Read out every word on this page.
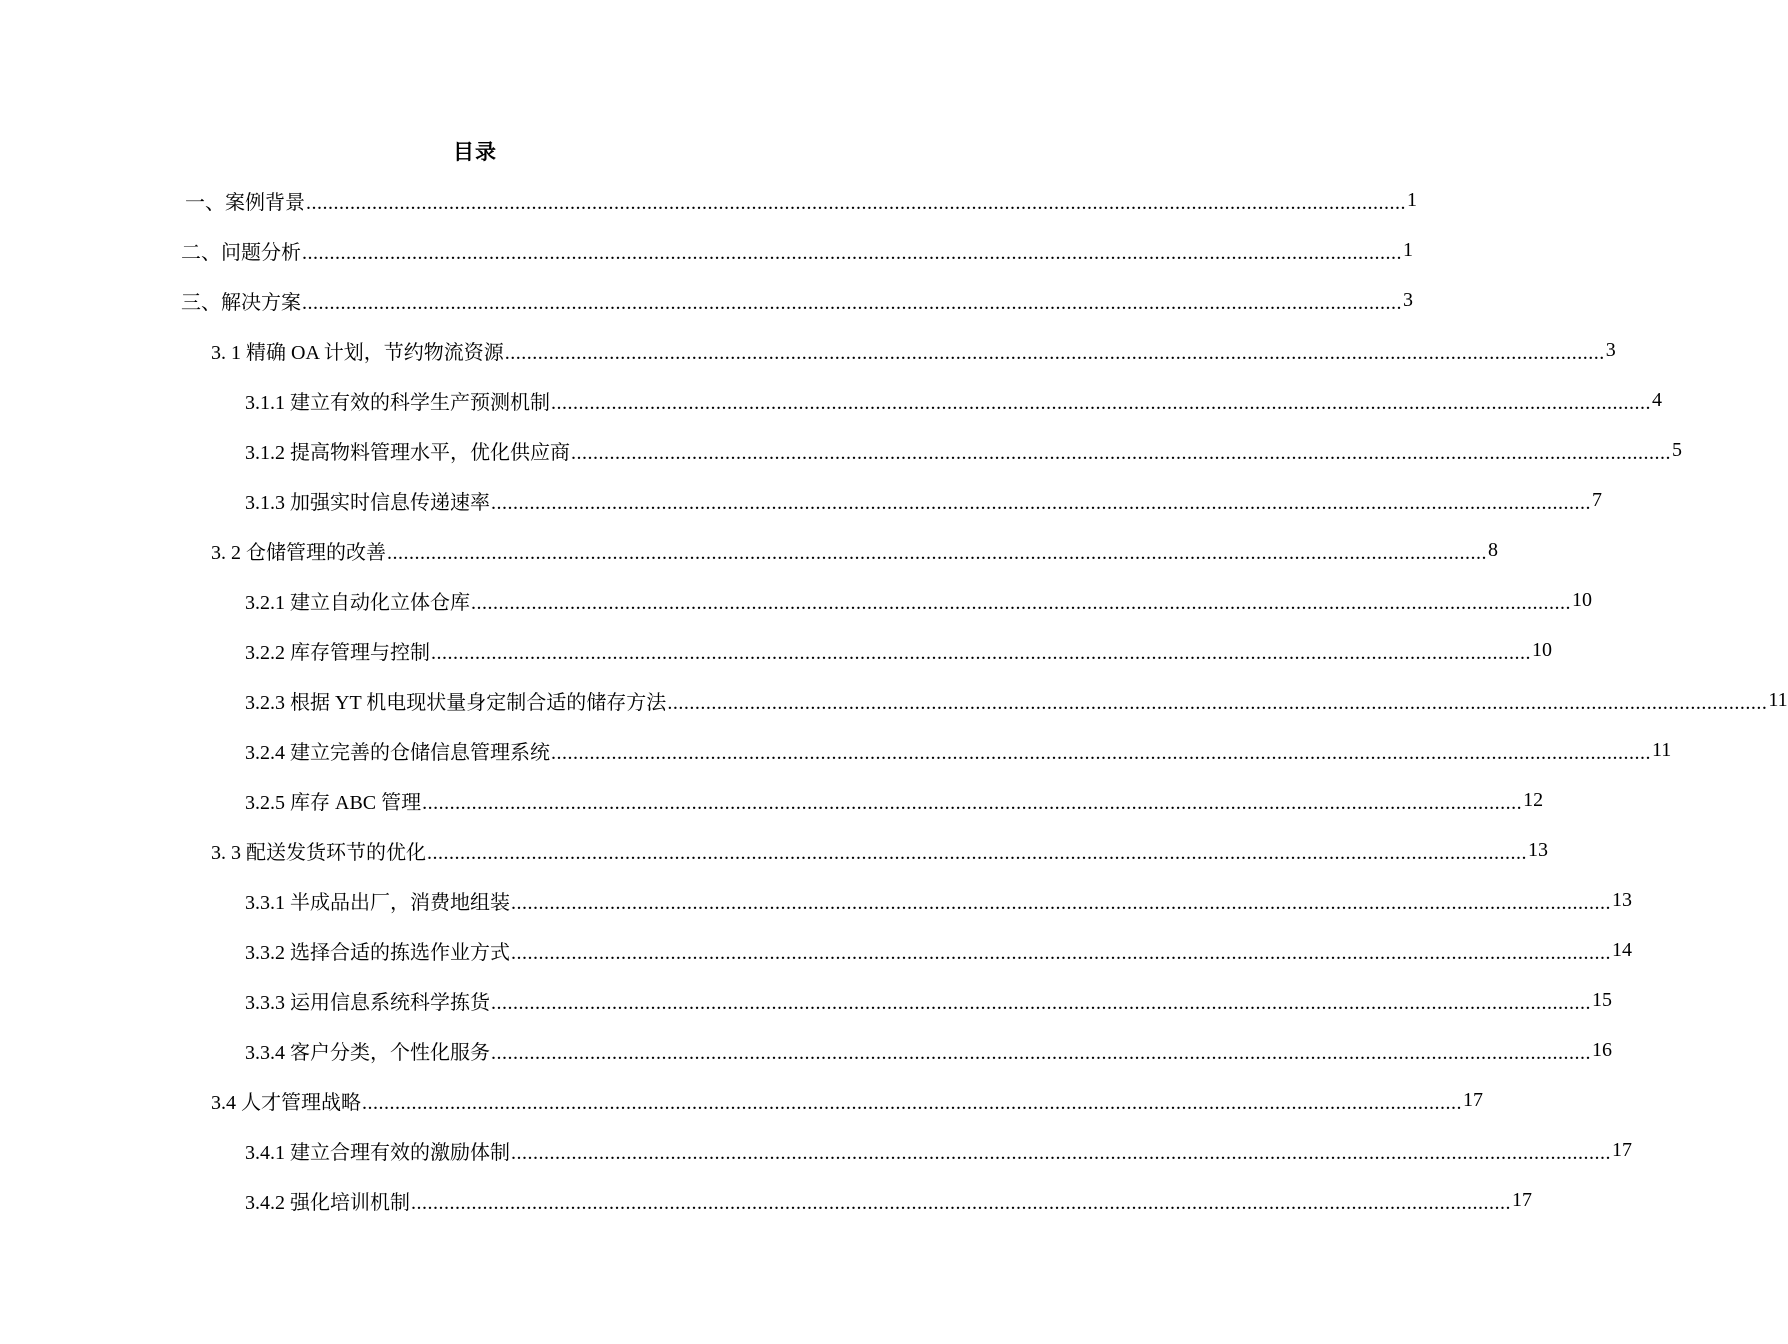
目录
一、案例背景 ........................................................................................................................................................................................................ 1
二、问题分析 ........................................................................................................................................................................................................ 1
三、解决方案 ........................................................................................................................................................................................................ 3
3. 1 精确 OA 计划，节约物流资源 ........................................................................................................................................................................................................ 3
3.1.1 建立有效的科学生产预测机制 ........................................................................................................................................................................................................ 4
3.1.2 提高物料管理水平，优化供应商 ........................................................................................................................................................................................................ 5
3.1.3 加强实时信息传递速率 ........................................................................................................................................................................................................ 7
3. 2 仓储管理的改善 ........................................................................................................................................................................................................ 8
3.2.1 建立自动化立体仓库 ........................................................................................................................................................................................................ 10
3.2.2 库存管理与控制 ........................................................................................................................................................................................................ 10
3.2.3 根据 YT 机电现状量身定制合适的储存方法 ........................................................................................................................................................................................................ 11
3.2.4 建立完善的仓储信息管理系统 ........................................................................................................................................................................................................ 11
3.2.5 库存 ABC 管理 ........................................................................................................................................................................................................ 12
3. 3 配送发货环节的优化 ........................................................................................................................................................................................................ 13
3.3.1 半成品出厂，消费地组装 ........................................................................................................................................................................................................ 13
3.3.2 选择合适的拣选作业方式 ........................................................................................................................................................................................................ 14
3.3.3 运用信息系统科学拣货 ........................................................................................................................................................................................................ 15
3.3.4 客户分类，个性化服务 ........................................................................................................................................................................................................ 16
3.4 人才管理战略 ........................................................................................................................................................................................................ 17
3.4.1 建立合理有效的激励体制 ........................................................................................................................................................................................................ 17
3.4.2 强化培训机制 ........................................................................................................................................................................................................ 17
